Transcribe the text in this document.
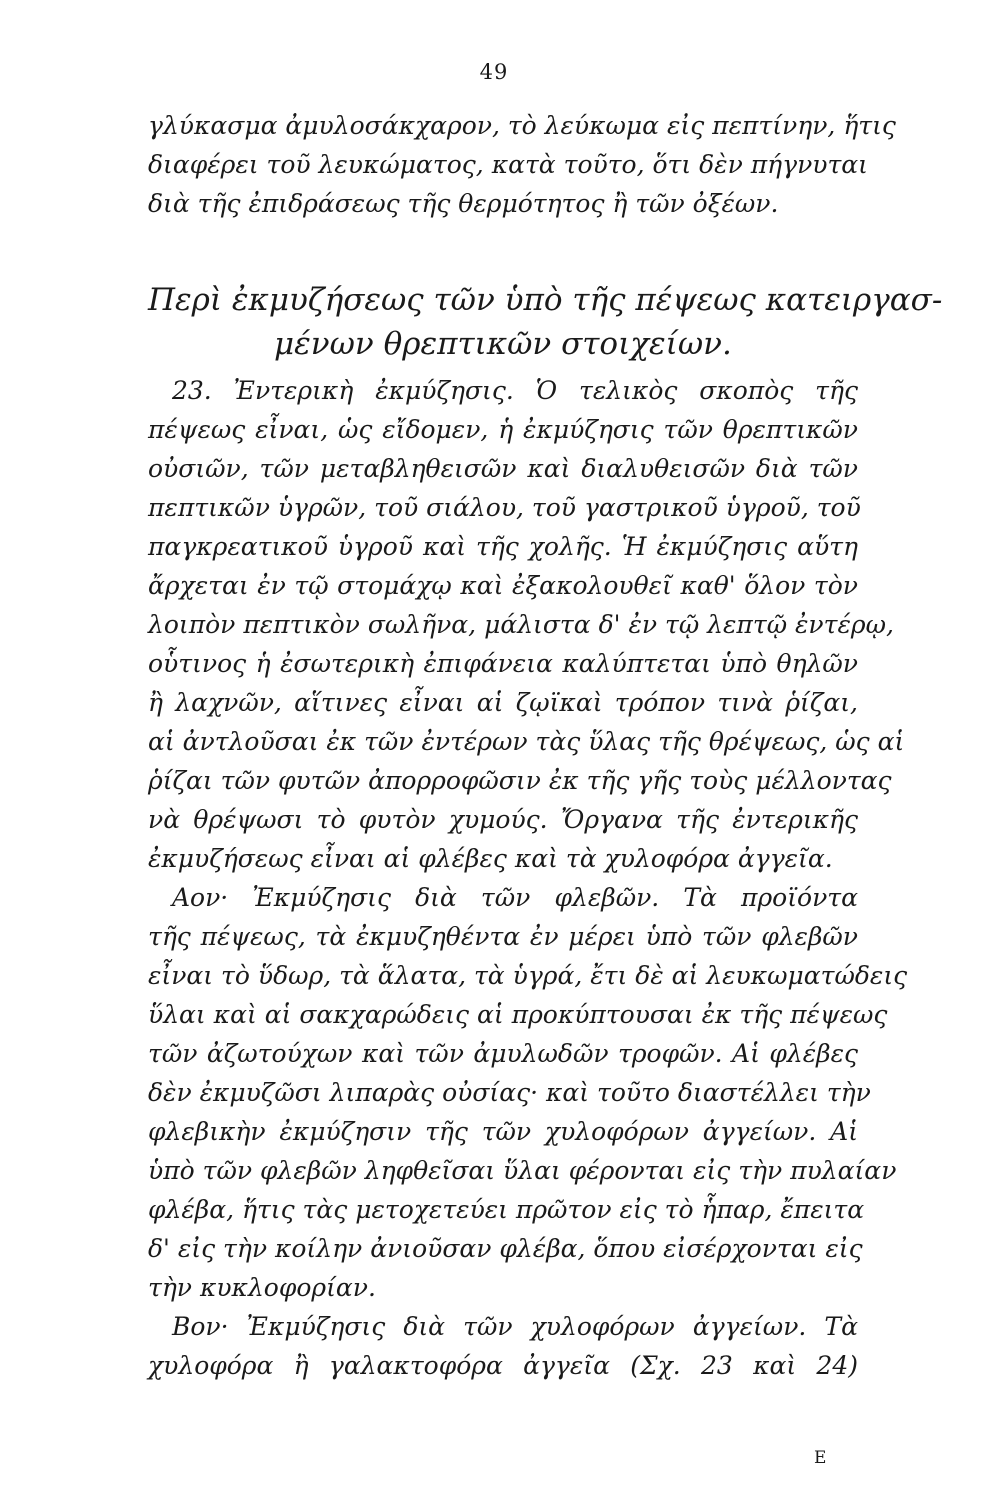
49
γλύκασμα ἀμυλοσάκχαρον, τὸ λεύκωμα εἰς πεπτίνην, ἥτις
διαφέρει τοῦ λευκώματος, κατὰ τοῦτο, ὅτι δὲν πήγνυται
διὰ τῆς ἐπιδράσεως τῆς θερμότητος ἢ τῶν ὀξέων.
Περὶ ἐκμυζήσεως τῶν ὑπὸ τῆς πέψεως κατειργασ-
μένων θρεπτικῶν στοιχείων.
23. Ἐντερικὴ ἐκμύζησις. Ὁ τελικὸς σκοπὸς τῆς
πέψεως εἶναι, ὡς εἴδομεν, ἡ ἐκμύζησις τῶν θρεπτικῶν
οὐσιῶν, τῶν μεταβληθεισῶν καὶ διαλυθεισῶν διὰ τῶν
πεπτικῶν ὑγρῶν, τοῦ σιάλου, τοῦ γαστρικοῦ ὑγροῦ, τοῦ
παγκρεατικοῦ ὑγροῦ καὶ τῆς χολῆς. Ἡ ἐκμύζησις αὕτη
ἄρχεται ἐν τῷ στομάχῳ καὶ ἐξακολουθεῖ καθ' ὅλον τὸν
λοιπὸν πεπτικὸν σωλῆνα, μάλιστα δ' ἐν τῷ λεπτῷ ἐντέρῳ,
οὗτινος ἡ ἐσωτερικὴ ἐπιφάνεια καλύπτεται ὑπὸ θηλῶν
ἢ λαχνῶν, αἵτινες εἶναι αἱ ζῳϊκαὶ τρόπον τινὰ ῥίζαι,
αἱ ἀντλοῦσαι ἐκ τῶν ἐντέρων τὰς ὕλας τῆς θρέψεως, ὡς αἱ
ῥίζαι τῶν φυτῶν ἀπορροφῶσιν ἐκ τῆς γῆς τοὺς μέλλοντας
νὰ θρέψωσι τὸ φυτὸν χυμούς. Ὄργανα τῆς ἐντερικῆς
ἐκμυζήσεως εἶναι αἱ φλέβες καὶ τὰ χυλοφόρα ἀγγεῖα.
Αον· Ἐκμύζησις διὰ τῶν φλεβῶν. Τὰ προϊόντα
τῆς πέψεως, τὰ ἐκμυζηθέντα ἐν μέρει ὑπὸ τῶν φλεβῶν
εἶναι τὸ ὕδωρ, τὰ ἅλατα, τὰ ὑγρά, ἔτι δὲ αἱ λευκωματώδεις
ὕλαι καὶ αἱ σακχαρώδεις αἱ προκύπτουσαι ἐκ τῆς πέψεως
τῶν ἀζωτούχων καὶ τῶν ἀμυλωδῶν τροφῶν. Αἱ φλέβες
δὲν ἐκμυζῶσι λιπαρὰς οὐσίας· καὶ τοῦτο διαστέλλει τὴν
φλεβικὴν ἐκμύζησιν τῆς τῶν χυλοφόρων ἀγγείων. Αἱ
ὑπὸ τῶν φλεβῶν ληφθεῖσαι ὕλαι φέρονται εἰς τὴν πυλαίαν
φλέβα, ἥτις τὰς μετοχετεύει πρῶτον εἰς τὸ ἧπαρ, ἔπειτα
δ' εἰς τὴν κοίλην ἀνιοῦσαν φλέβα, ὅπου εἰσέρχονται εἰς
τὴν κυκλοφορίαν.
Βον· Ἐκμύζησις διὰ τῶν χυλοφόρων ἀγγείων. Τὰ
χυλοφόρα ἢ γαλακτοφόρα ἀγγεῖα (Σχ. 23 καὶ 24)
Ε
